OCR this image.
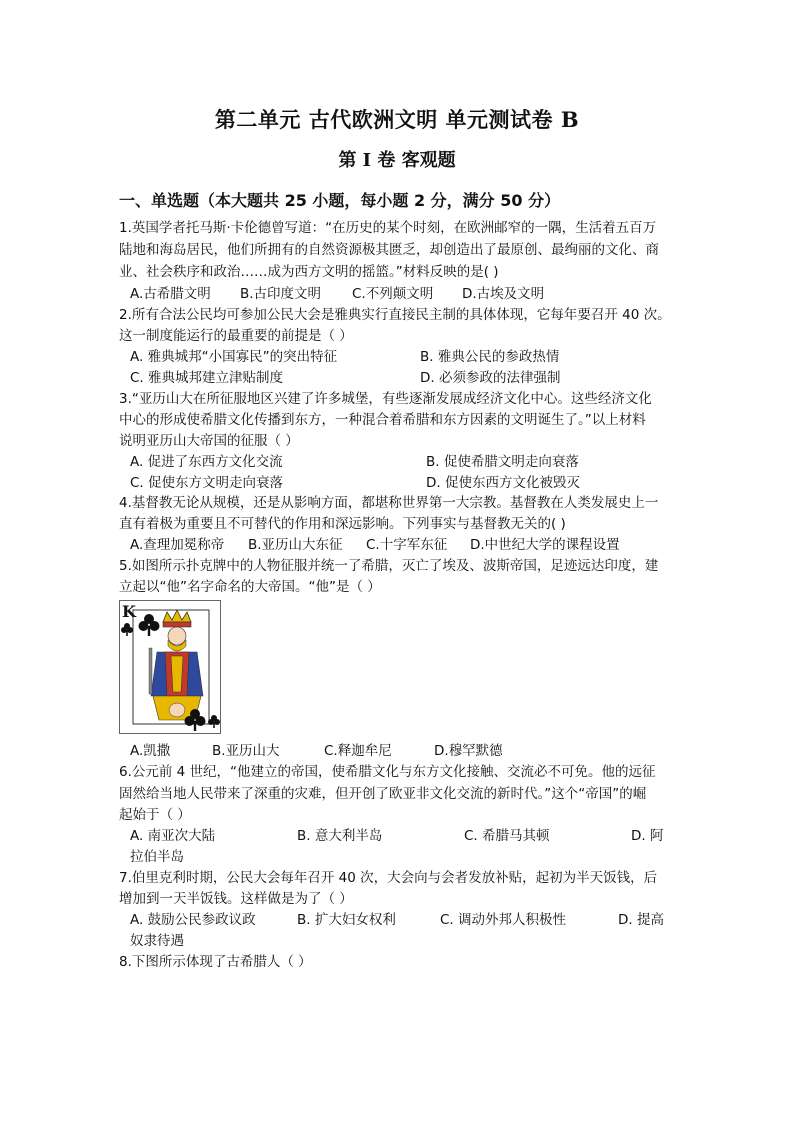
第二单元 古代欧洲文明 单元测试卷 B
第 I 卷 客观题
一、单选题（本大题共 25 小题，每小题 2 分，满分 50 分）
1.英国学者托马斯·卡伦德曾写道：“在历史的某个时刻，在欧洲邮窄的一隅，生活着五百万
陆地和海岛居民，他们所拥有的自然资源极其匮乏，却创造出了最原创、最绚丽的文化、商
业、社会秩序和政治……成为西方文明的摇篮。”材料反映的是( )
A.古希腊文明 B.古印度文明 C.不列颠文明 D.古埃及文明
2.所有合法公民均可参加公民大会是雅典实行直接民主制的具体体现，它每年要召开 40 次。
这一制度能运行的最重要的前提是（ ）
A. 雅典城邦“小国寡民”的突出特征	B. 雅典公民的参政热情
C. 雅典城邦建立津贴制度	D. 必须参政的法律强制
3.“亚历山大在所征服地区兴建了许多城堡，有些逐渐发展成经济文化中心。这些经济文化
中心的形成使希腊文化传播到东方，一种混合着希腊和东方因素的文明诞生了。”以上材料
说明亚历山大帝国的征服（ ）
A. 促进了东西方文化交流	B. 促使希腊文明走向衰落
C. 促使东方文明走向衰落	D. 促使东西方文化被毁灭
4.基督教无论从规模，还是从影响方面，都堪称世界第一大宗教。基督教在人类发展史上一
直有着极为重要且不可替代的作用和深远影响。下列事实与基督教无关的( )
A.查理加冕称帝 B.亚历山大东征 C.十字军东征 D.中世纪大学的课程设置
5.如图所示扑克牌中的人物征服并统一了希腊，灭亡了埃及、波斯帝国，足迹远达印度，建
立起以“他”名字命名的大帝国。“他”是（ ）
K
A.凯撒	B.亚历山大	C.释迦牟尼	D.穆罕默德
6.公元前 4 世纪，“他建立的帝国，使希腊文化与东方文化接触、交流必不可免。他的远征
固然给当地人民带来了深重的灾难，但开创了欧亚非文化交流的新时代。”这个“帝国”的崛
起始于（ ）
A. 南亚次大陆	B. 意大利半岛	C. 希腊马其顿	D. 阿
拉伯半岛
7.伯里克利时期，公民大会每年召开 40 次，大会向与会者发放补贴，起初为半天饭钱，后
增加到一天半饭钱。这样做是为了（ ）
A. 鼓励公民参政议政	B. 扩大妇女权利	C. 调动外邦人积极性	D. 提高
奴隶待遇
8.下图所示体现了古希腊人（ ）
